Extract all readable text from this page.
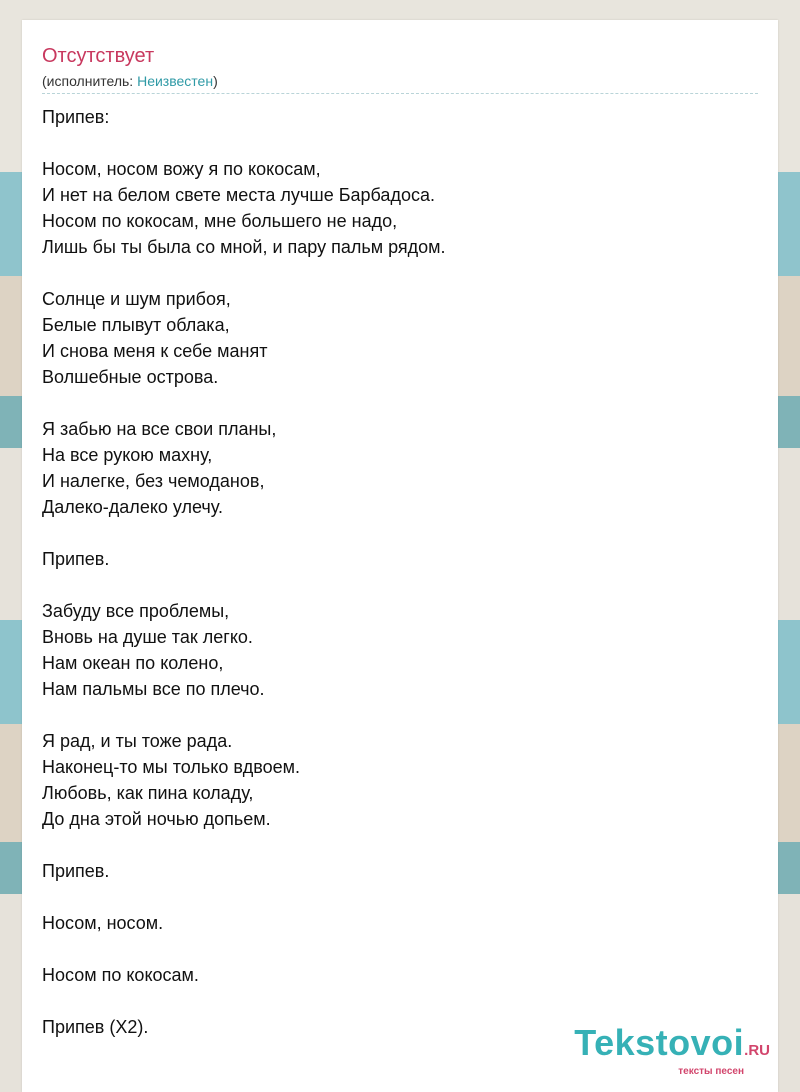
Отсутствует
(исполнитель: Неизвестен)
Припев:
Носом, носом вожу я по кокосам,
И нет на белом свете места лучше Барбадоса.
Носом по кокосам, мне большего не надо,
Лишь бы ты была со мной, и пару пальм рядом.
Солнце и шум прибоя,
Белые плывут облака,
И снова меня к себе манят
Волшебные острова.
Я забью на все свои планы,
На все рукою махну,
И налегке, без чемоданов,
Далеко-далеко улечу.
Припев.
Забуду все проблемы,
Вновь на душе так легко.
Нам океан по колено,
Нам пальмы все по плечо.
Я рад, и ты тоже рада.
Наконец-то мы только вдвоем.
Любовь, как пина коладу,
До дна этой ночью допьем.
Припев.
Носом, носом.
Носом по кокосам.
Припев (Х2).	Tekstovoi.RU
тексты песен
